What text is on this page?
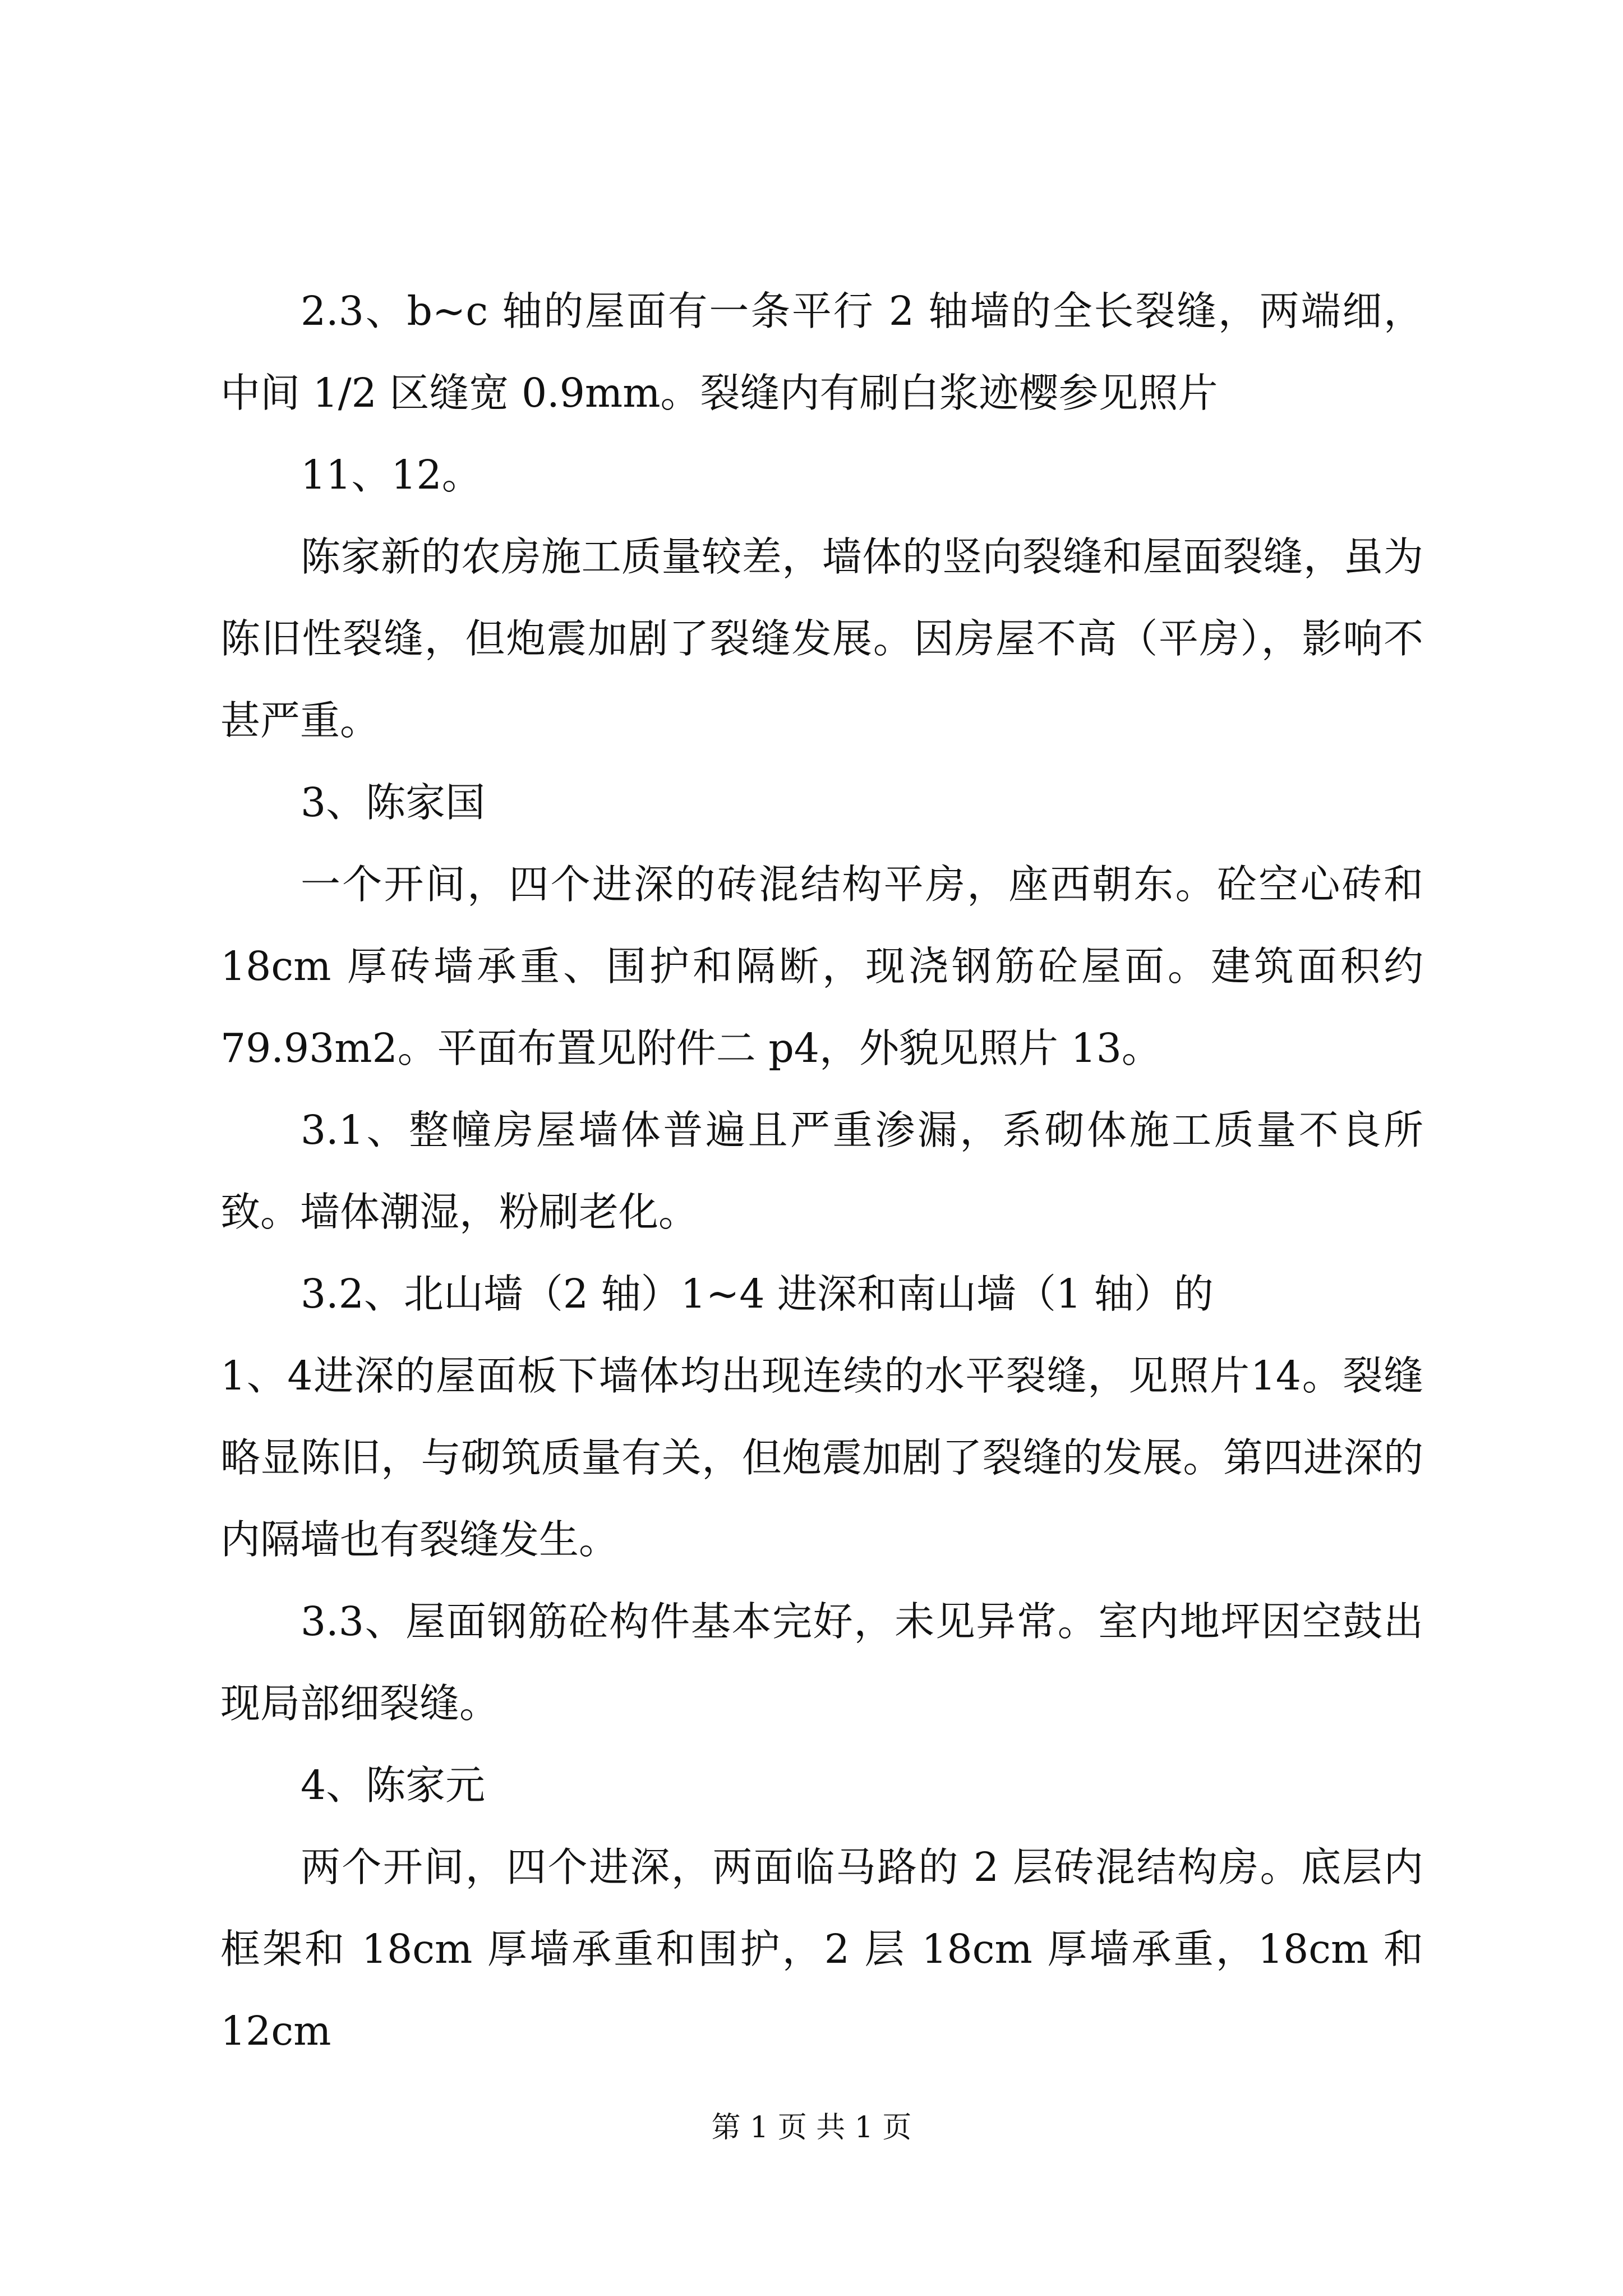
2.3、b~c 轴的屋面有一条平行 2 轴墙的全长裂缝，两端细，中间 1/2 区缝宽 0.9mm。裂缝内有刷白浆迹樱参见照片

11、12。

陈家新的农房施工质量较差，墙体的竖向裂缝和屋面裂缝，虽为陈旧性裂缝，但炮震加剧了裂缝发展。因房屋不高（平房），影响不甚严重。

3、陈家国

一个开间，四个进深的砖混结构平房，座西朝东。砼空心砖和 18cm 厚砖墙承重、围护和隔断，现浇钢筋砼屋面。建筑面积约 79.93m2。平面布置见附件二 p4，外貌见照片 13。

3.1、整幢房屋墙体普遍且严重渗漏，系砌体施工质量不良所致。墙体潮湿，粉刷老化。

3.2、北山墙（2 轴）1~4 进深和南山墙（1 轴）的

1、4进深的屋面板下墙体均出现连续的水平裂缝，见照片14。裂缝略显陈旧，与砌筑质量有关，但炮震加剧了裂缝的发展。第四进深的内隔墙也有裂缝发生。

3.3、屋面钢筋砼构件基本完好，未见异常。室内地坪因空鼓出现局部细裂缝。

4、陈家元

两个开间，四个进深，两面临马路的 2 层砖混结构房。底层内框架和 18cm 厚墙承重和围护，2 层 18cm 厚墙承重，18cm 和 12cm

第 1 页 共 1 页
